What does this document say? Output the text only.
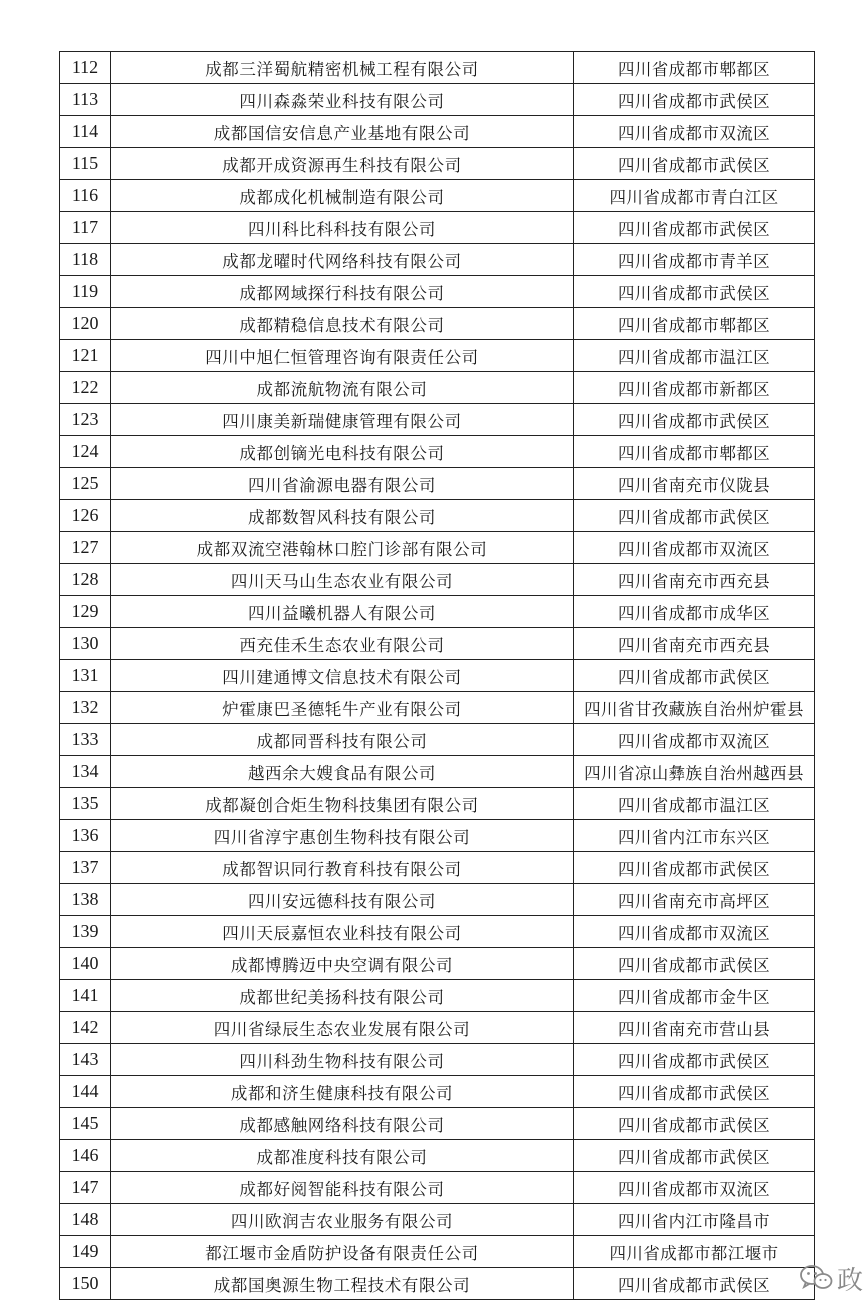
112	成都三洋蜀航精密机械工程有限公司	四川省成都市郫都区
113	四川森淼荣业科技有限公司	四川省成都市武侯区
114	成都国信安信息产业基地有限公司	四川省成都市双流区
115	成都开成资源再生科技有限公司	四川省成都市武侯区
116	成都成化机械制造有限公司	四川省成都市青白江区
117	四川科比科科技有限公司	四川省成都市武侯区
118	成都龙曜时代网络科技有限公司	四川省成都市青羊区
119	成都网域探行科技有限公司	四川省成都市武侯区
120	成都精稳信息技术有限公司	四川省成都市郫都区
121	四川中旭仁恒管理咨询有限责任公司	四川省成都市温江区
122	成都流航物流有限公司	四川省成都市新都区
123	四川康美新瑞健康管理有限公司	四川省成都市武侯区
124	成都创镝光电科技有限公司	四川省成都市郫都区
125	四川省渝源电器有限公司	四川省南充市仪陇县
126	成都数智风科技有限公司	四川省成都市武侯区
127	成都双流空港翰林口腔门诊部有限公司	四川省成都市双流区
128	四川天马山生态农业有限公司	四川省南充市西充县
129	四川益曦机器人有限公司	四川省成都市成华区
130	西充佳禾生态农业有限公司	四川省南充市西充县
131	四川建通博文信息技术有限公司	四川省成都市武侯区
132	炉霍康巴圣德牦牛产业有限公司	四川省甘孜藏族自治州炉霍县
133	成都同晋科技有限公司	四川省成都市双流区
134	越西余大嫂食品有限公司	四川省凉山彝族自治州越西县
135	成都凝创合炬生物科技集团有限公司	四川省成都市温江区
136	四川省淳宇惠创生物科技有限公司	四川省内江市东兴区
137	成都智识同行教育科技有限公司	四川省成都市武侯区
138	四川安远德科技有限公司	四川省南充市高坪区
139	四川天辰嘉恒农业科技有限公司	四川省成都市双流区
140	成都博腾迈中央空调有限公司	四川省成都市武侯区
141	成都世纪美扬科技有限公司	四川省成都市金牛区
142	四川省绿辰生态农业发展有限公司	四川省南充市营山县
143	四川科劲生物科技有限公司	四川省成都市武侯区
144	成都和济生健康科技有限公司	四川省成都市武侯区
145	成都感触网络科技有限公司	四川省成都市武侯区
146	成都准度科技有限公司	四川省成都市武侯区
147	成都好阅智能科技有限公司	四川省成都市双流区
148	四川欧润吉农业服务有限公司	四川省内江市隆昌市
149	都江堰市金盾防护设备有限责任公司	四川省成都市都江堰市
150	成都国奥源生物工程技术有限公司	四川省成都市武侯区	政
